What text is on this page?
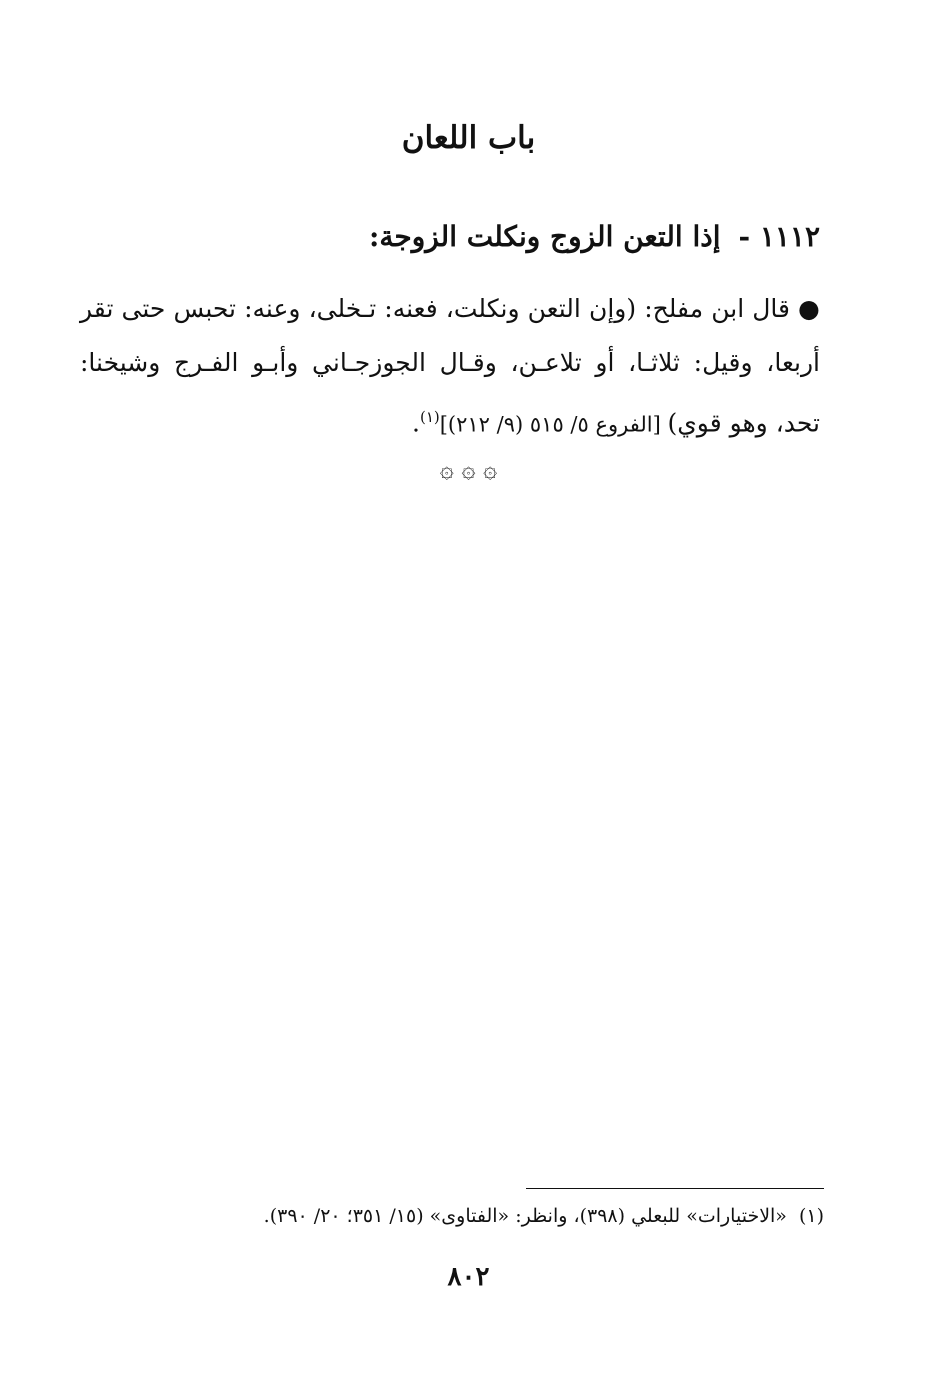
باب اللعان
١١١٢ -إذا التعن الزوج ونكلت الزوجة:
●قال ابن مفلح: (وإن التعن ونكلت، فعنه: تـخلى، وعنه: تحبس حتى تقر أربعا، وقيل: ثلاثـا، أو تلاعـن، وقـال الجوزجـاني وأبـو الفـرج وشيخنا: تحد، وهو قوي) [الفروع ٥/ ٥١٥ (٩/ ٢١٢)]$^{(١)}$.
۞ ۞ ۞
(١)«الاختيارات» للبعلي (٣٩٨)، وانظر: «الفتاوى» (١٥/ ٣٥١؛ ٢٠/ ٣٩٠).
٨٠٢
